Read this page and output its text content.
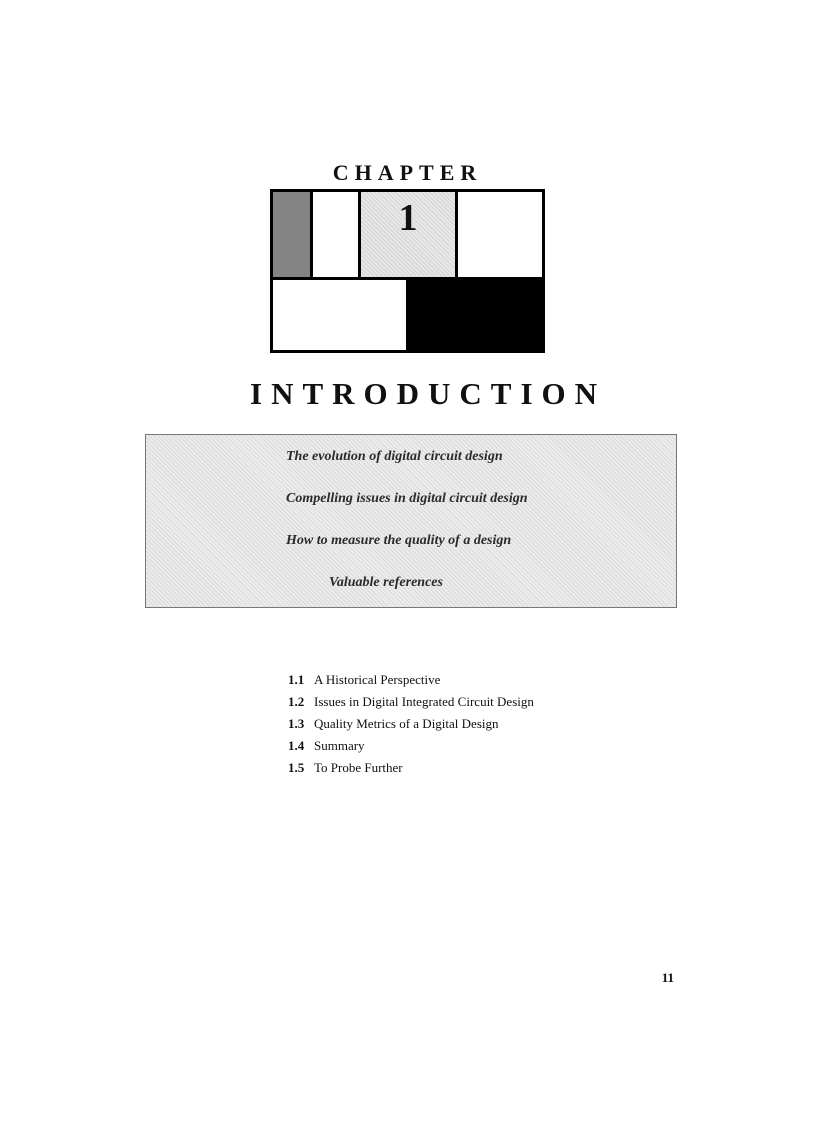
CHAPTER
1
INTRODUCTION
The evolution of digital circuit design
Compelling issues in digital circuit design
How to measure the quality of a design
Valuable references
1.1 A Historical Perspective
1.2 Issues in Digital Integrated Circuit Design
1.3 Quality Metrics of a Digital Design
1.4 Summary
1.5 To Probe Further
11
